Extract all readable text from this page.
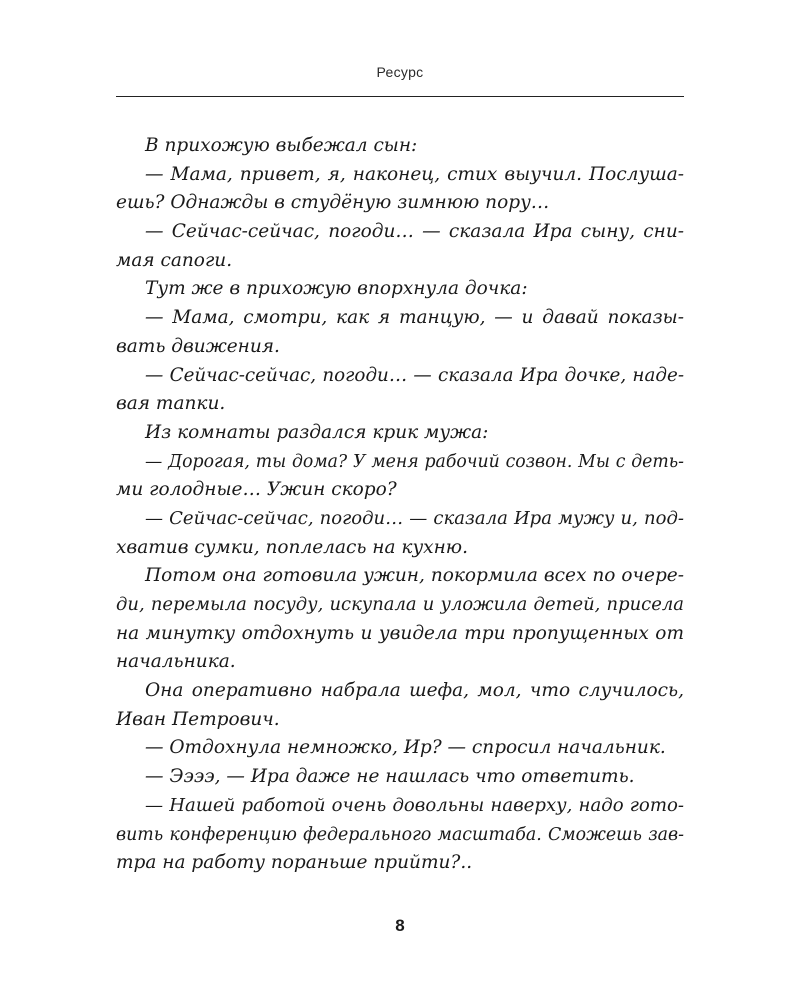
Ресурс
В прихожую выбежал сын:
— Мама, привет, я, наконец, стих выучил. Послуша-
ешь? Однажды в студёную зимнюю пору…
— Сейчас-сейчас, погоди… — сказала Ира сыну, сни-
мая сапоги.
Тут же в прихожую впорхнула дочка:
— Мама, смотри, как я танцую, — и давай показы-
вать движения.
— Сейчас-сейчас, погоди… — сказала Ира дочке, наде-
вая тапки.
Из комнаты раздался крик мужа:
— Дорогая, ты дома? У меня рабочий созвон. Мы с деть-
ми голодные… Ужин скоро?
— Сейчас-сейчас, погоди… — сказала Ира мужу и, под-
хватив сумки, поплелась на кухню.
Потом она готовила ужин, покормила всех по очере-
ди, перемыла посуду, искупала и уложила детей, присела
на минутку отдохнуть и увидела три пропущенных от
начальника.
Она оперативно набрала шефа, мол, что случилось,
Иван Петрович.
— Отдохнула немножко, Ир? — спросил начальник.
— Ээээ, — Ира даже не нашлась что ответить.
— Нашей работой очень довольны наверху, надо гото-
вить конференцию федерального масштаба. Сможешь зав-
тра на работу пораньше прийти?..
8
